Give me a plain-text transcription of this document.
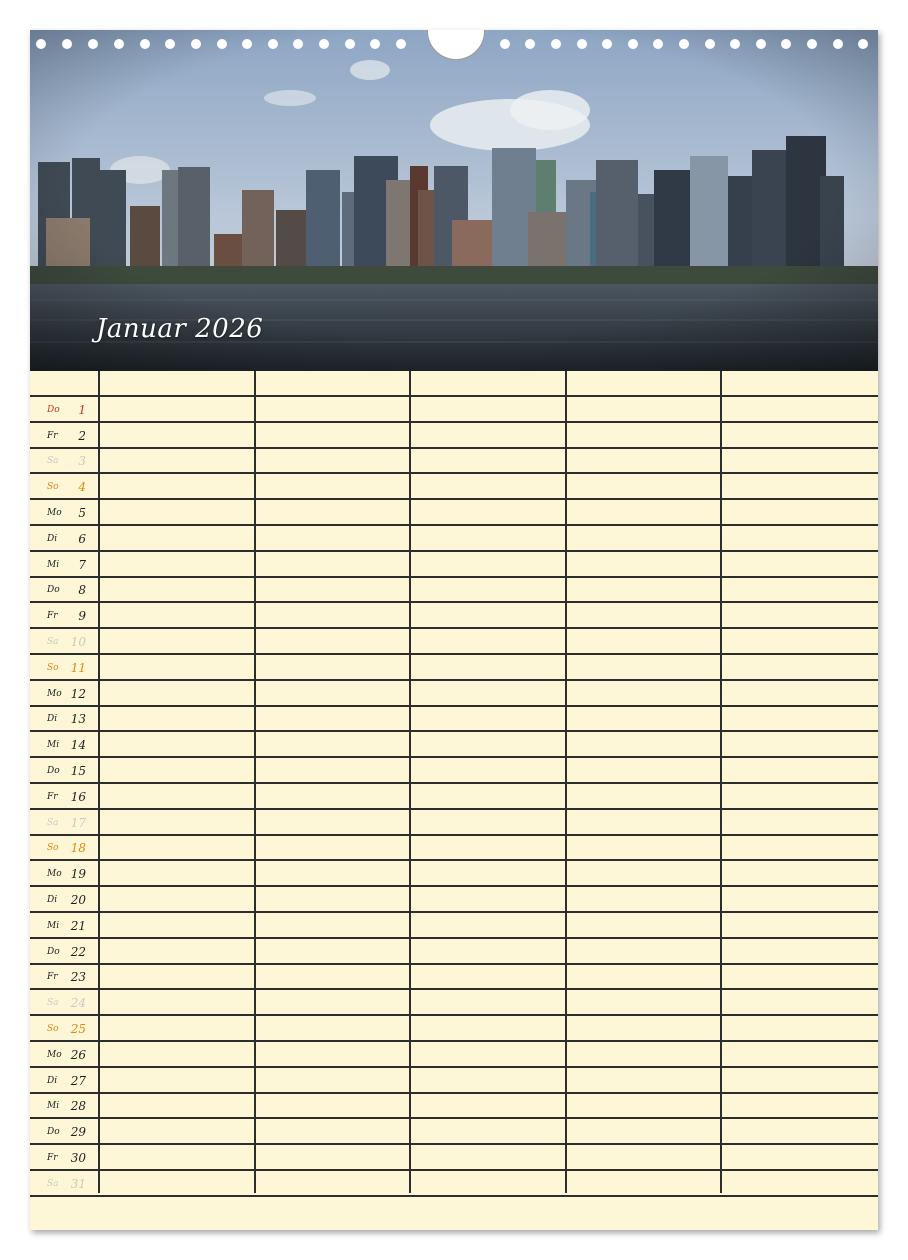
Januar 2026
Do 1
Fr 2
Sa 3
So 4
Mo 5
Di 6
Mi 7
Do 8
Fr 9
Sa 10
So 11
Mo 12
Di 13
Mi 14
Do 15
Fr 16
Sa 17
So 18
Mo 19
Di 20
Mi 21
Do 22
Fr 23
Sa 24
So 25
Mo 26
Di 27
Mi 28
Do 29
Fr 30
Sa 31
